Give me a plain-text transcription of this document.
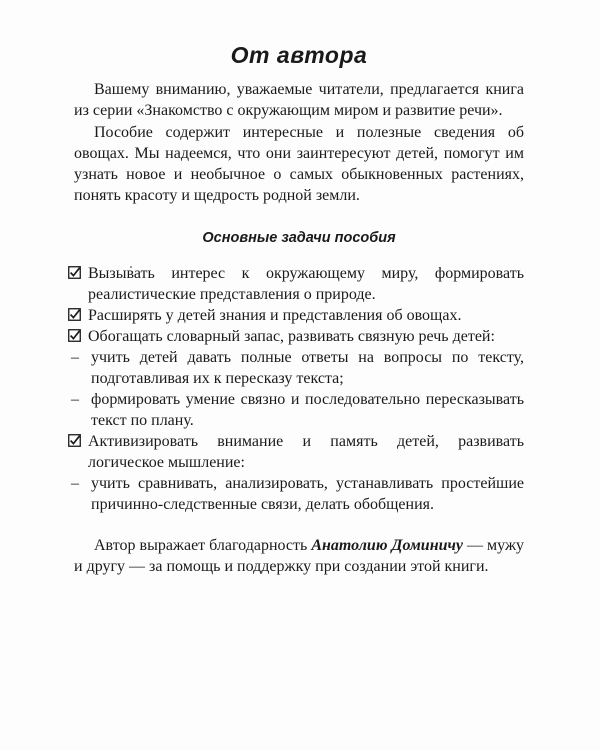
От автора

Вашему вниманию, уважаемые читатели, предлагается книга из серии «Знакомство с окружающим миром и развитие речи».

Пособие содержит интересные и полезные сведения об овощах. Мы надеемся, что они заинтересуют детей, помогут им узнать новое и необычное о самых обыкновенных растениях, понять красоту и щедрость родной земли.

Основные задачи пособия
Вызывать интерес к окружающему миру, формировать реалистические представления о природе.
Расширять у детей знания и представления об овощах.
Обогащать словарный запас, развивать связную речь детей:
– учить детей давать полные ответы на вопросы по тексту, подготавливая их к пересказу текста;
– формировать умение связно и последовательно пересказывать текст по плану.
Активизировать внимание и память детей, развивать логическое мышление:
– учить сравнивать, анализировать, устанавливать простейшие причинно-следственные связи, делать обобщения.

Автор выражает благодарность Анатолию Доминичу — мужу и другу — за помощь и поддержку при создании этой книги.
